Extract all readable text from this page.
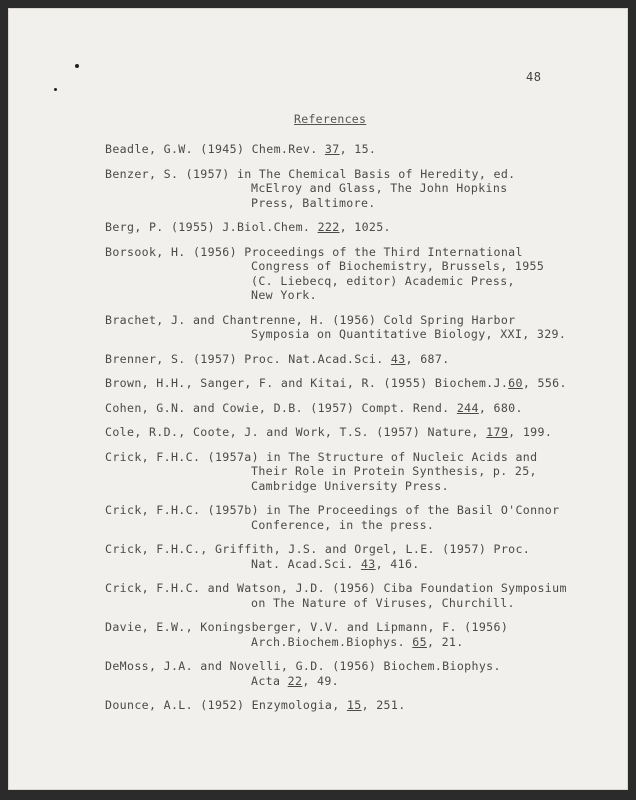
48
References
Beadle, G.W. (1945) Chem.Rev. 37, 15.
Benzer, S. (1957) in The Chemical Basis of Heredity, ed.
McElroy and Glass, The John Hopkins
Press, Baltimore.
Berg, P. (1955) J.Biol.Chem. 222, 1025.
Borsook, H. (1956) Proceedings of the Third International
Congress of Biochemistry, Brussels, 1955
(C. Liebecq, editor) Academic Press,
New York.
Brachet, J. and Chantrenne, H. (1956) Cold Spring Harbor
Symposia on Quantitative Biology, XXI, 329.
Brenner, S. (1957) Proc. Nat.Acad.Sci. 43, 687.
Brown, H.H., Sanger, F. and Kitai, R. (1955) Biochem.J.60, 556.
Cohen, G.N. and Cowie, D.B. (1957) Compt. Rend. 244, 680.
Cole, R.D., Coote, J. and Work, T.S. (1957) Nature, 179, 199.
Crick, F.H.C. (1957a) in The Structure of Nucleic Acids and
Their Role in Protein Synthesis, p. 25,
Cambridge University Press.
Crick, F.H.C. (1957b) in The Proceedings of the Basil O'Connor
Conference, in the press.
Crick, F.H.C., Griffith, J.S. and Orgel, L.E. (1957) Proc.
Nat. Acad.Sci. 43, 416.
Crick, F.H.C. and Watson, J.D. (1956) Ciba Foundation Symposium
on The Nature of Viruses, Churchill.
Davie, E.W., Koningsberger, V.V. and Lipmann, F. (1956)
Arch.Biochem.Biophys. 65, 21.
DeMoss, J.A. and Novelli, G.D. (1956) Biochem.Biophys.
Acta 22, 49.
Dounce, A.L. (1952) Enzymologia, 15, 251.
